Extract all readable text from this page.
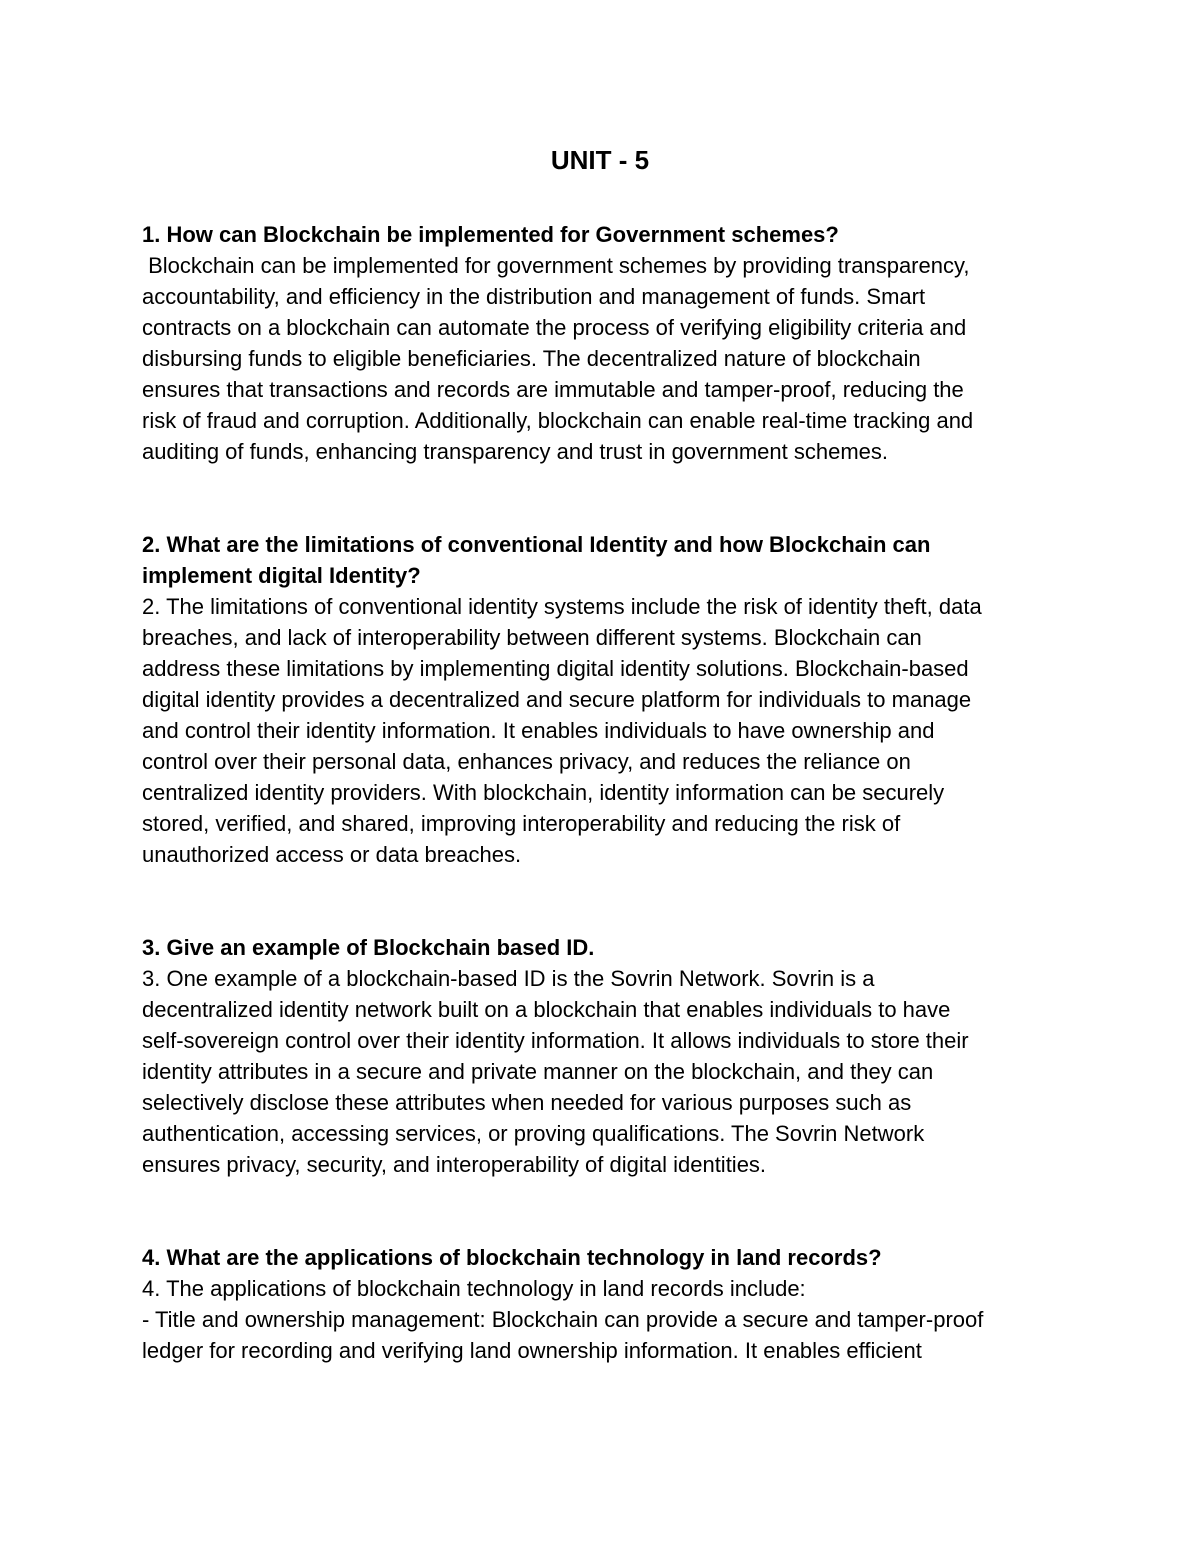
UNIT - 5

1. How can Blockchain be implemented for Government schemes?

Blockchain can be implemented for government schemes by providing transparency,
accountability, and efficiency in the distribution and management of funds. Smart
contracts on a blockchain can automate the process of verifying eligibility criteria and
disbursing funds to eligible beneficiaries. The decentralized nature of blockchain
ensures that transactions and records are immutable and tamper-proof, reducing the
risk of fraud and corruption. Additionally, blockchain can enable real-time tracking and
auditing of funds, enhancing transparency and trust in government schemes.

2. What are the limitations of conventional Identity and how Blockchain can
implement digital Identity?

2. The limitations of conventional identity systems include the risk of identity theft, data
breaches, and lack of interoperability between different systems. Blockchain can
address these limitations by implementing digital identity solutions. Blockchain-based
digital identity provides a decentralized and secure platform for individuals to manage
and control their identity information. It enables individuals to have ownership and
control over their personal data, enhances privacy, and reduces the reliance on
centralized identity providers. With blockchain, identity information can be securely
stored, verified, and shared, improving interoperability and reducing the risk of
unauthorized access or data breaches.

3. Give an example of Blockchain based ID.

3. One example of a blockchain-based ID is the Sovrin Network. Sovrin is a
decentralized identity network built on a blockchain that enables individuals to have
self-sovereign control over their identity information. It allows individuals to store their
identity attributes in a secure and private manner on the blockchain, and they can
selectively disclose these attributes when needed for various purposes such as
authentication, accessing services, or proving qualifications. The Sovrin Network
ensures privacy, security, and interoperability of digital identities.

4. What are the applications of blockchain technology in land records?

4. The applications of blockchain technology in land records include:
- Title and ownership management: Blockchain can provide a secure and tamper-proof
ledger for recording and verifying land ownership information. It enables efficient
